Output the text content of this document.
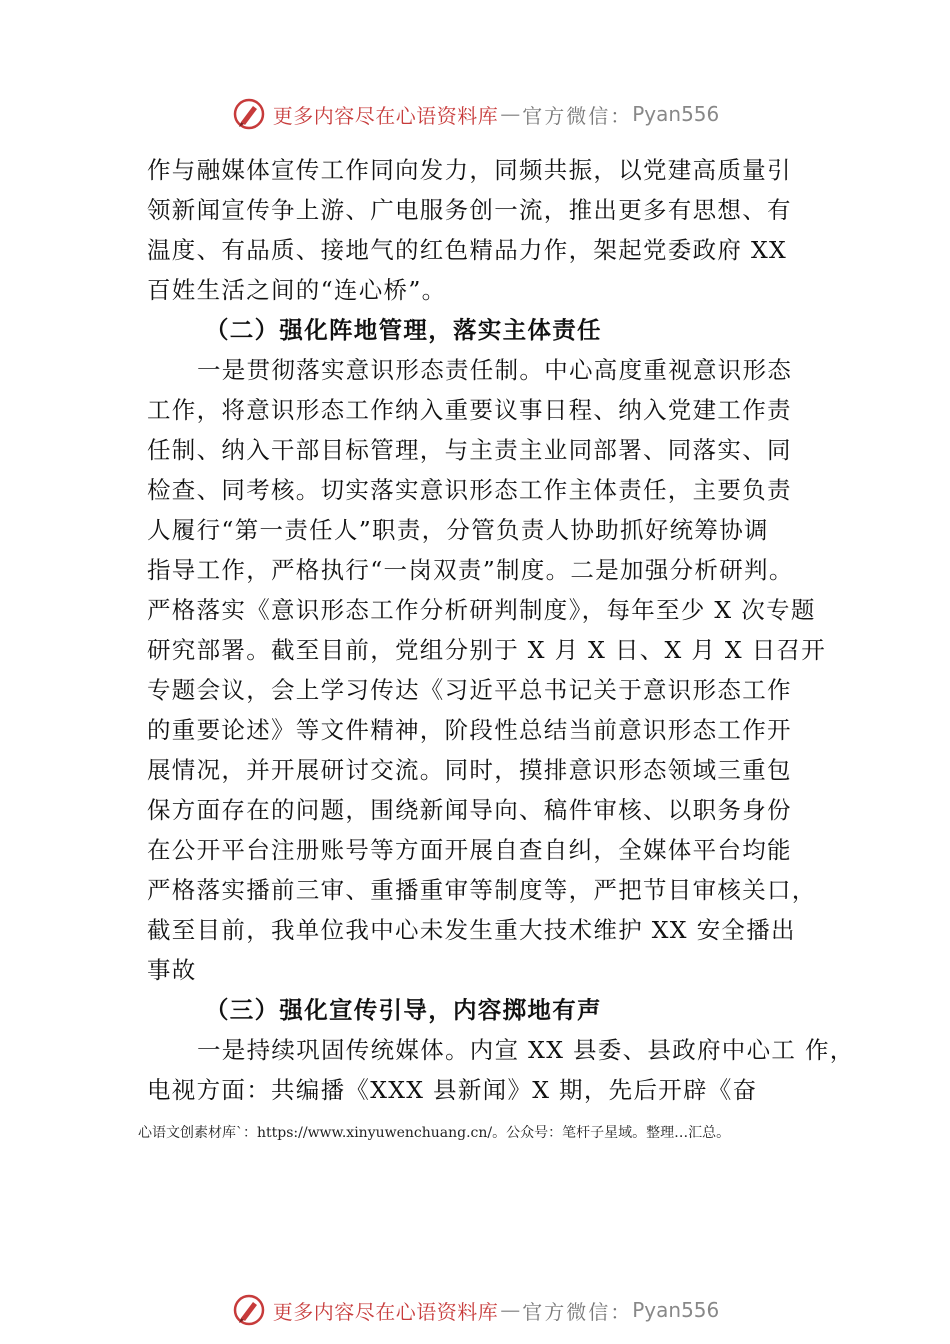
更多内容尽在心语资料库 — 官方微信： Pyan556
作与融媒体宣传工作同向发力，同频共振，以党建高质量引
领新闻宣传争上游、广电服务创一流，推出更多有思想、有
温度、有品质、接地气的红色精品力作，架起党委政府 XX
百姓生活之间的“连心桥”。
（二）强化阵地管理，落实主体责任
一是贯彻落实意识形态责任制。中心高度重视意识形态
工作，将意识形态工作纳入重要议事日程、纳入党建工作责
任制、纳入干部目标管理，与主责主业同部署、同落实、同
检查、同考核。切实落实意识形态工作主体责任，主要负责
人履行“第一责任人”职责，分管负责人协助抓好统筹协调
指导工作，严格执行“一岗双责”制度。二是加强分析研判。
严格落实《意识形态工作分析研判制度》，每年至少 X 次专题
研究部署。截至目前，党组分别于 X 月 X 日、X 月 X 日召开
专题会议，会上学习传达《习近平总书记关于意识形态工作
的重要论述》等文件精神，阶段性总结当前意识形态工作开
展情况，并开展研讨交流。同时，摸排意识形态领域三重包
保方面存在的问题，围绕新闻导向、稿件审核、以职务身份
在公开平台注册账号等方面开展自查自纠，全媒体平台均能
严格落实播前三审、重播重审等制度等，严把节目审核关口，
截至目前，我单位我中心未发生重大技术维护 XX 安全播出
事故
（三）强化宣传引导，内容掷地有声
一是持续巩固传统媒体。内宣 XX 县委、县政府中心工 作，
电视方面：共编播《XXX 县新闻》X 期，先后开辟《奋
心语文创素材库`：https://www.xinyuwenchuang.cn/。公众号：笔杆子星域。整理…汇总。
更多内容尽在心语资料库 — 官方微信： Pyan556
